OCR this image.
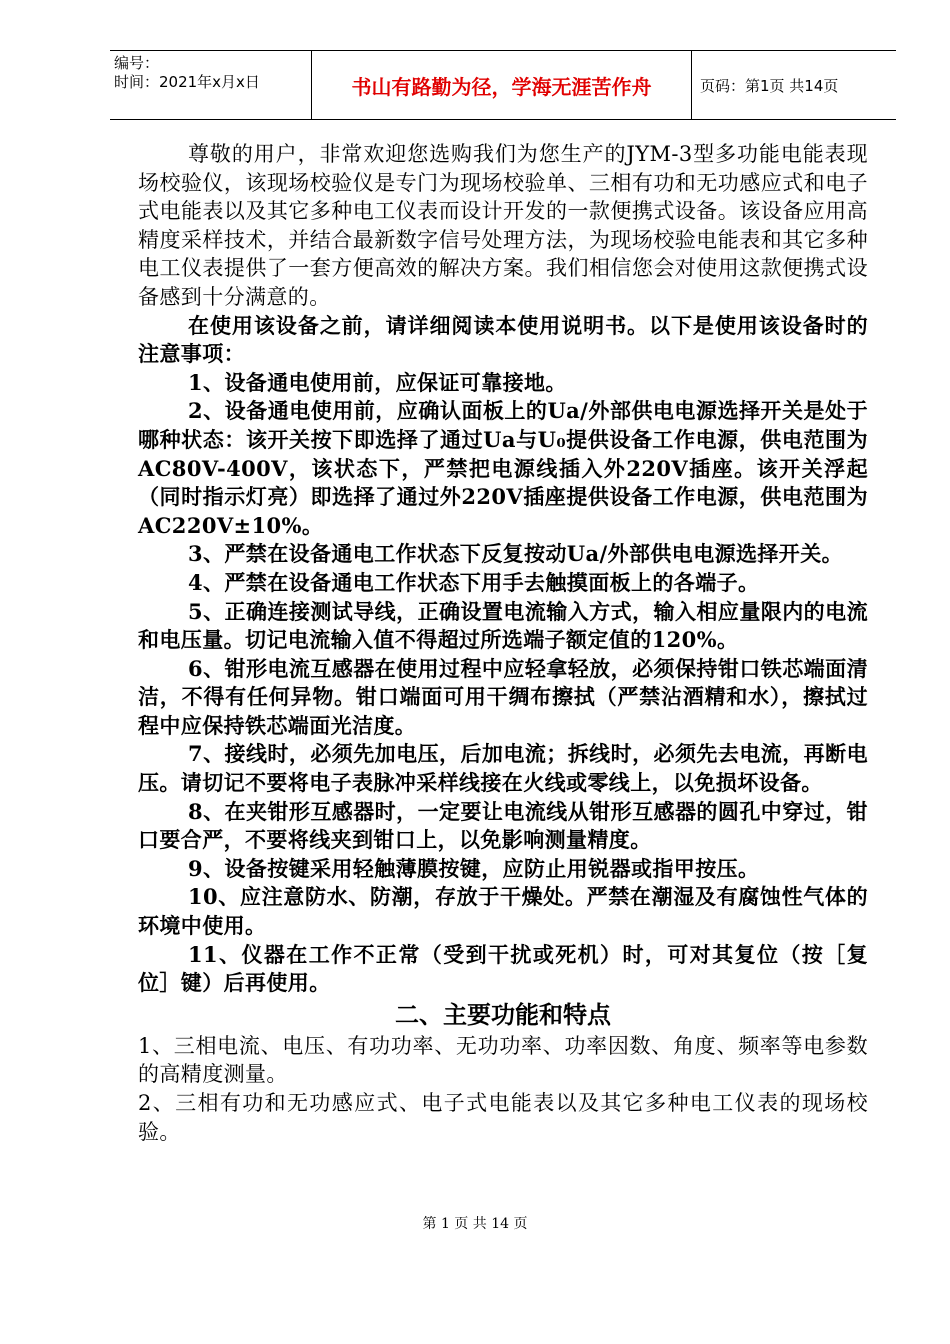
编号：
时间：2021年x月x日	书山有路勤为径，学海无涯苦作舟	页码：第1页 共14页

尊敬的用户，非常欢迎您选购我们为您生产的JYM-3型多功能电能表现场校验仪，该现场校验仪是专门为现场校验单、三相有功和无功感应式和电子式电能表以及其它多种电工仪表而设计开发的一款便携式设备。该设备应用高精度采样技术，并结合最新数字信号处理方法，为现场校验电能表和其它多种电工仪表提供了一套方便高效的解决方案。我们相信您会对使用这款便携式设备感到十分满意的。

在使用该设备之前，请详细阅读本使用说明书。以下是使用该设备时的注意事项：

1、设备通电使用前，应保证可靠接地。

2、设备通电使用前，应确认面板上的Ua/外部供电电源选择开关是处于哪种状态：该开关按下即选择了通过Ua与U₀提供设备工作电源，供电范围为AC80V-400V，该状态下，严禁把电源线插入外220V插座。该开关浮起（同时指示灯亮）即选择了通过外220V插座提供设备工作电源，供电范围为AC220V±10%。

3、严禁在设备通电工作状态下反复按动Ua/外部供电电源选择开关。

4、严禁在设备通电工作状态下用手去触摸面板上的各端子。

5、正确连接测试导线，正确设置电流输入方式，输入相应量限内的电流和电压量。切记电流输入值不得超过所选端子额定值的120%。

6、钳形电流互感器在使用过程中应轻拿轻放，必须保持钳口铁芯端面清洁，不得有任何异物。钳口端面可用干绸布擦拭（严禁沾酒精和水），擦拭过程中应保持铁芯端面光洁度。

7、接线时，必须先加电压，后加电流；拆线时，必须先去电流，再断电压。请切记不要将电子表脉冲采样线接在火线或零线上，以免损坏设备。

8、在夹钳形互感器时，一定要让电流线从钳形互感器的圆孔中穿过，钳口要合严，不要将线夹到钳口上，以免影响测量精度。

9、设备按键采用轻触薄膜按键，应防止用锐器或指甲按压。

10、应注意防水、防潮，存放于干燥处。严禁在潮湿及有腐蚀性气体的环境中使用。

11、仪器在工作不正常（受到干扰或死机）时，可对其复位（按［复位］键）后再使用。

二、主要功能和特点

1、三相电流、电压、有功功率、无功功率、功率因数、角度、频率等电参数的高精度测量。

2、三相有功和无功感应式、电子式电能表以及其它多种电工仪表的现场校验。

第 1 页 共 14 页
